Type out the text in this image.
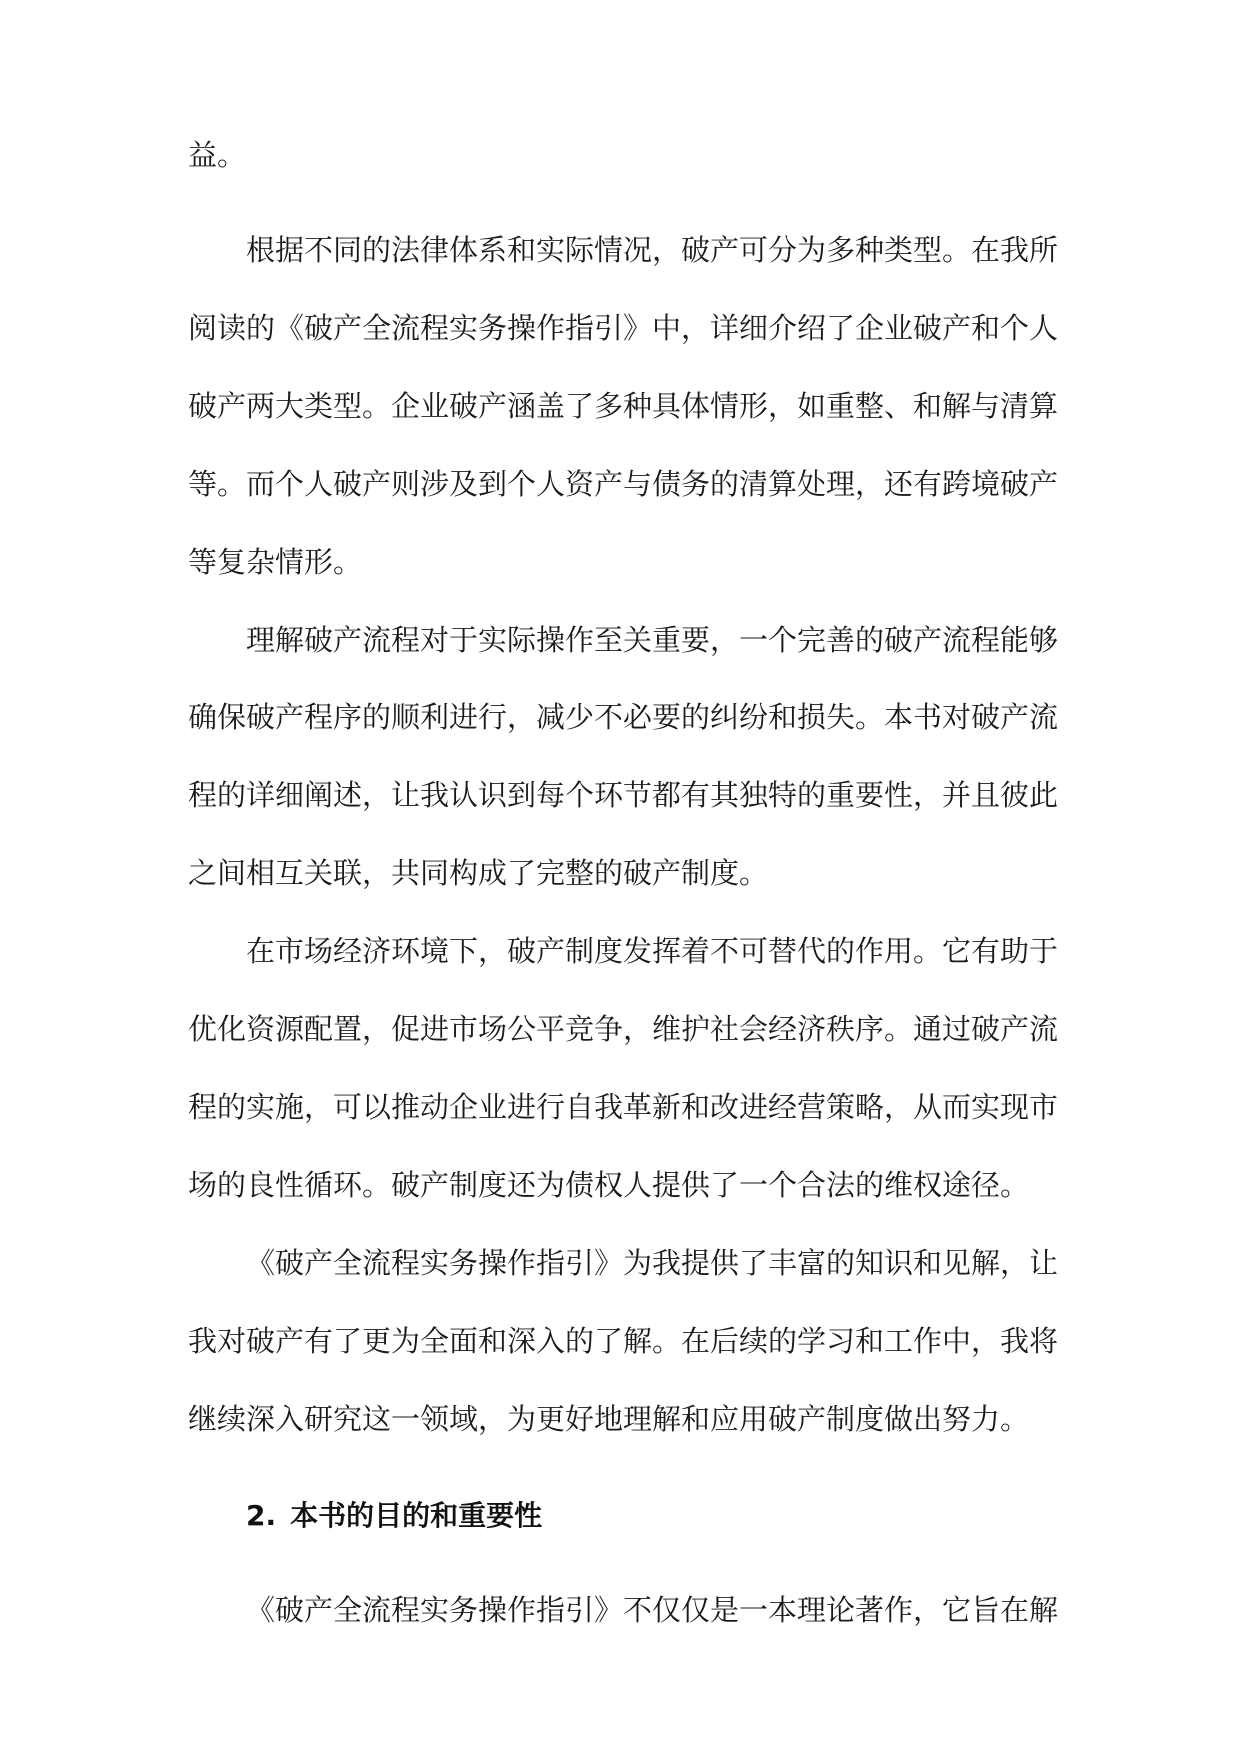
益。
根据不同的法律体系和实际情况，破产可分为多种类型。在我所
阅读的《破产全流程实务操作指引》中，详细介绍了企业破产和个人
破产两大类型。企业破产涵盖了多种具体情形，如重整、和解与清算
等。而个人破产则涉及到个人资产与债务的清算处理，还有跨境破产
等复杂情形。
理解破产流程对于实际操作至关重要，一个完善的破产流程能够
确保破产程序的顺利进行，减少不必要的纠纷和损失。本书对破产流
程的详细阐述，让我认识到每个环节都有其独特的重要性，并且彼此
之间相互关联，共同构成了完整的破产制度。
在市场经济环境下，破产制度发挥着不可替代的作用。它有助于
优化资源配置，促进市场公平竞争，维护社会经济秩序。通过破产流
程的实施，可以推动企业进行自我革新和改进经营策略，从而实现市
场的良性循环。破产制度还为债权人提供了一个合法的维权途径。
《破产全流程实务操作指引》为我提供了丰富的知识和见解，让
我对破产有了更为全面和深入的了解。在后续的学习和工作中，我将
继续深入研究这一领域，为更好地理解和应用破产制度做出努力。
2. 本书的目的和重要性
《破产全流程实务操作指引》不仅仅是一本理论著作，它旨在解
